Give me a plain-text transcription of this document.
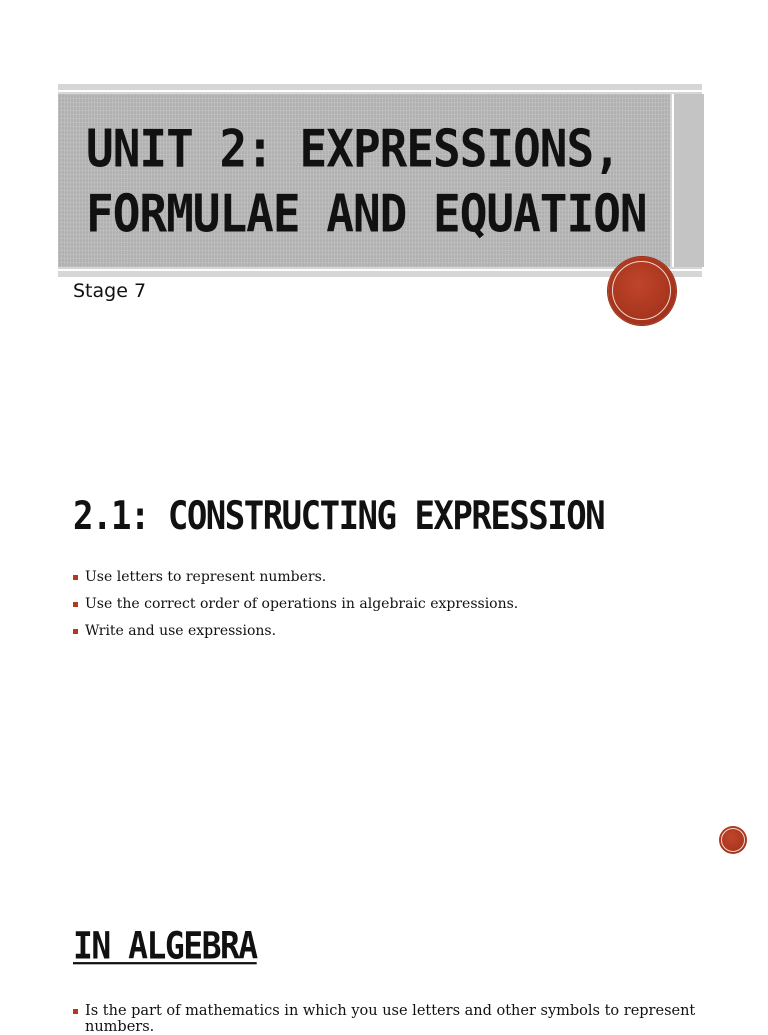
UNIT 2: EXPRESSIONS,
FORMULAE AND EQUATION

Stage 7

2.1: CONSTRUCTING EXPRESSION
Use letters to represent numbers.
Use the correct order of operations in algebraic expressions.
Write and use expressions.
IN ALGEBRA
Is the part of mathematics in which you use letters and other symbols to represent numbers.
